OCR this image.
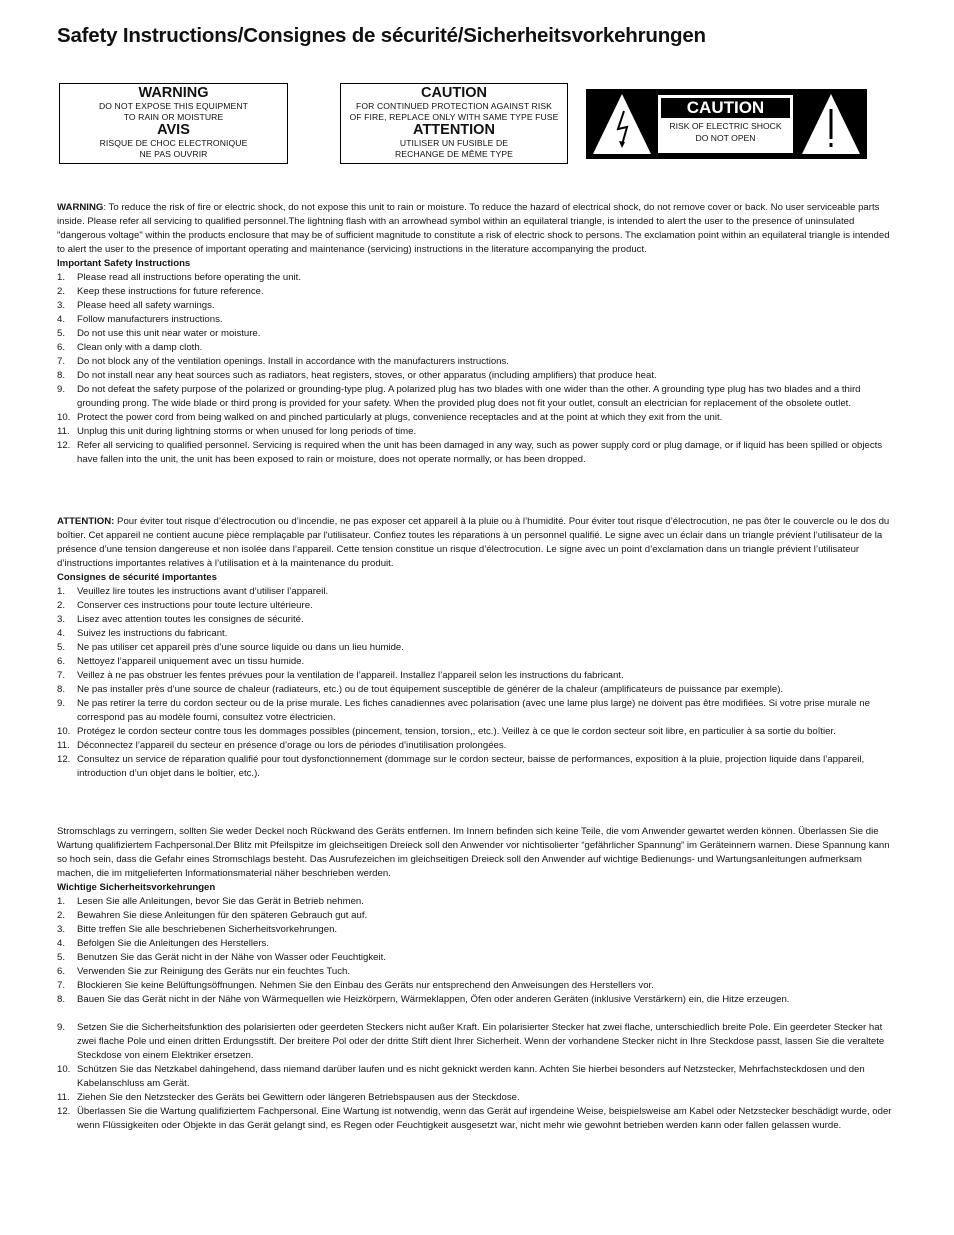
Safety Instructions/Consignes de sécurité/Sicherheitsvorkehrungen
WARNING
DO NOT EXPOSE THIS EQUIPMENT
TO RAIN OR MOISTURE
AVIS
RISQUE DE CHOC ELECTRONIQUE
NE PAS OUVRIR
CAUTION
FOR CONTINUED PROTECTION AGAINST RISK
OF FIRE, REPLACE ONLY WITH SAME TYPE FUSE
ATTENTION
UTILISER UN FUSIBLE DE
RECHANGE DE MÊME TYPE
CAUTION
RISK OF ELECTRIC SHOCK
DO NOT OPEN

WARNING: To reduce the risk of fire or electric shock, do not expose this unit to rain or moisture. To reduce the hazard of electrical shock, do not remove cover or back. No user serviceable parts inside. Please refer all servicing to qualified personnel.The lightning flash with an arrowhead symbol within an equilateral triangle, is intended to alert the user to the presence of uninsulated "dangerous voltage" within the products enclosure that may be of sufficient magnitude to constitute a risk of electric shock to persons. The exclamation point within an equilateral triangle is intended to alert the user to the presence of important operating and maintenance (servicing) instructions in the literature accompanying the product.

Important Safety Instructions

1. Please read all instructions before operating the unit.
2. Keep these instructions for future reference.
3. Please heed all safety warnings.
4. Follow manufacturers instructions.
5. Do not use this unit near water or moisture.
6. Clean only with a damp cloth.
7. Do not block any of the ventilation openings. Install in accordance with the manufacturers instructions.
8. Do not install near any heat sources such as radiators, heat registers, stoves, or other apparatus (including amplifiers) that produce heat.
9. Do not defeat the safety purpose of the polarized or grounding-type plug. A polarized plug has two blades with one wider than the other. A grounding type plug has two blades and a third grounding prong. The wide blade or third prong is provided for your safety. When the provided plug does not fit your outlet, consult an electrician for replacement of the obsolete outlet.
10. Protect the power cord from being walked on and pinched particularly at plugs, convenience receptacles and at the point at which they exit from the unit.
11. Unplug this unit during lightning storms or when unused for long periods of time.
12. Refer all servicing to qualified personnel. Servicing is required when the unit has been damaged in any way, such as power supply cord or plug damage, or if liquid has been spilled or objects have fallen into the unit, the unit has been exposed to rain or moisture, does not operate normally, or has been dropped.

ATTENTION: Pour éviter tout risque d’électrocution ou d’incendie, ne pas exposer cet appareil à la pluie ou à l’humidité. Pour éviter tout risque d’électrocution, ne pas ôter le couvercle ou le dos du boîtier. Cet appareil ne contient aucune pièce remplaçable par l'utilisateur. Confiez toutes les réparations à un personnel qualifié. Le signe avec un éclair dans un triangle prévient l’utilisateur de la présence d’une tension dangereuse et non isolée dans l’appareil. Cette tension constitue un risque d’électrocution. Le signe avec un point d’exclamation dans un triangle prévient l’utilisateur d’instructions importantes relatives à l’utilisation et à la maintenance du produit.

Consignes de sécurité importantes

1. Veuillez lire toutes les instructions avant d’utiliser l’appareil.
2. Conserver ces instructions pour toute lecture ultérieure.
3. Lisez avec attention toutes les consignes de sécurité.
4. Suivez les instructions du fabricant.
5. Ne pas utiliser cet appareil près d’une source liquide ou dans un lieu humide.
6. Nettoyez l’appareil uniquement avec un tissu humide.
7. Veillez à ne pas obstruer les fentes prévues pour la ventilation de l’appareil. Installez l’appareil selon les instructions du fabricant.
8. Ne pas installer près d’une source de chaleur (radiateurs, etc.) ou de tout équipement susceptible de générer de la chaleur (amplificateurs de puissance par exemple).
9. Ne pas retirer la terre du cordon secteur ou de la prise murale. Les fiches canadiennes avec polarisation (avec une lame plus large) ne doivent pas être modifiées. Si votre prise murale ne correspond pas au modèle fourni, consultez votre électricien.
10. Protégez le cordon secteur contre tous les dommages possibles (pincement, tension, torsion,, etc.). Veillez à ce que le cordon secteur soit libre, en particulier à sa sortie du boîtier.
11. Déconnectez l’appareil du secteur en présence d’orage ou lors de périodes d’inutilisation prolongées.
12. Consultez un service de réparation qualifié pour tout dysfonctionnement (dommage sur le cordon secteur, baisse de performances, exposition à la pluie, projection liquide dans l’appareil, introduction d’un objet dans le boîtier, etc.).

Stromschlags zu verringern, sollten Sie weder Deckel noch Rückwand des Geräts entfernen. Im Innern befinden sich keine Teile, die vom Anwender gewartet werden können. Überlassen Sie die Wartung qualifiziertem Fachpersonal.Der Blitz mit Pfeilspitze im gleichseitigen Dreieck soll den Anwender vor nichtisolierter “gefährlicher Spannung” im Geräteinnern warnen. Diese Spannung kann so hoch sein, dass die Gefahr eines Stromschlags besteht. Das Ausrufezeichen im gleichseitigen Dreieck soll den Anwender auf wichtige Bedienungs- und Wartungsanleitungen aufmerksam machen, die im mitgelieferten Informationsmaterial näher beschrieben werden.

Wichtige Sicherheitsvorkehrungen

1. Lesen Sie alle Anleitungen, bevor Sie das Gerät in Betrieb nehmen.
2. Bewahren Sie diese Anleitungen für den späteren Gebrauch gut auf.
3. Bitte treffen Sie alle beschriebenen Sicherheitsvorkehrungen.
4. Befolgen Sie die Anleitungen des Herstellers.
5. Benutzen Sie das Gerät nicht in der Nähe von Wasser oder Feuchtigkeit.
6. Verwenden Sie zur Reinigung des Geräts nur ein feuchtes Tuch.
7. Blockieren Sie keine Belüftungsöffnungen. Nehmen Sie den Einbau des Geräts nur entsprechend den Anweisungen des Herstellers vor.
8. Bauen Sie das Gerät nicht in der Nähe von Wärmequellen wie Heizkörpern, Wärmeklappen, Öfen oder anderen Geräten (inklusive Verstärkern) ein, die Hitze erzeugen.
9. Setzen Sie die Sicherheitsfunktion des polarisierten oder geerdeten Steckers nicht außer Kraft. Ein polarisierter Stecker hat zwei flache, unterschiedlich breite Pole. Ein geerdeter Stecker hat zwei flache Pole und einen dritten Erdungsstift. Der breitere Pol oder der dritte Stift dient Ihrer Sicherheit. Wenn der vorhandene Stecker nicht in Ihre Steckdose passt, lassen Sie die veraltete Steckdose von einem Elektriker ersetzen.
10. Schützen Sie das Netzkabel dahingehend, dass niemand darüber laufen und es nicht geknickt werden kann. Achten Sie hierbei besonders auf Netzstecker, Mehrfachsteckdosen und den Kabelanschluss am Gerät.
11. Ziehen Sie den Netzstecker des Geräts bei Gewittern oder längeren Betriebspausen aus der Steckdose.
12. Überlassen Sie die Wartung qualifiziertem Fachpersonal. Eine Wartung ist notwendig, wenn das Gerät auf irgendeine Weise, beispielsweise am Kabel oder Netzstecker beschädigt wurde, oder wenn Flüssigkeiten oder Objekte in das Gerät gelangt sind, es Regen oder Feuchtigkeit ausgesetzt war, nicht mehr wie gewohnt betrieben werden kann oder fallen gelassen wurde.
